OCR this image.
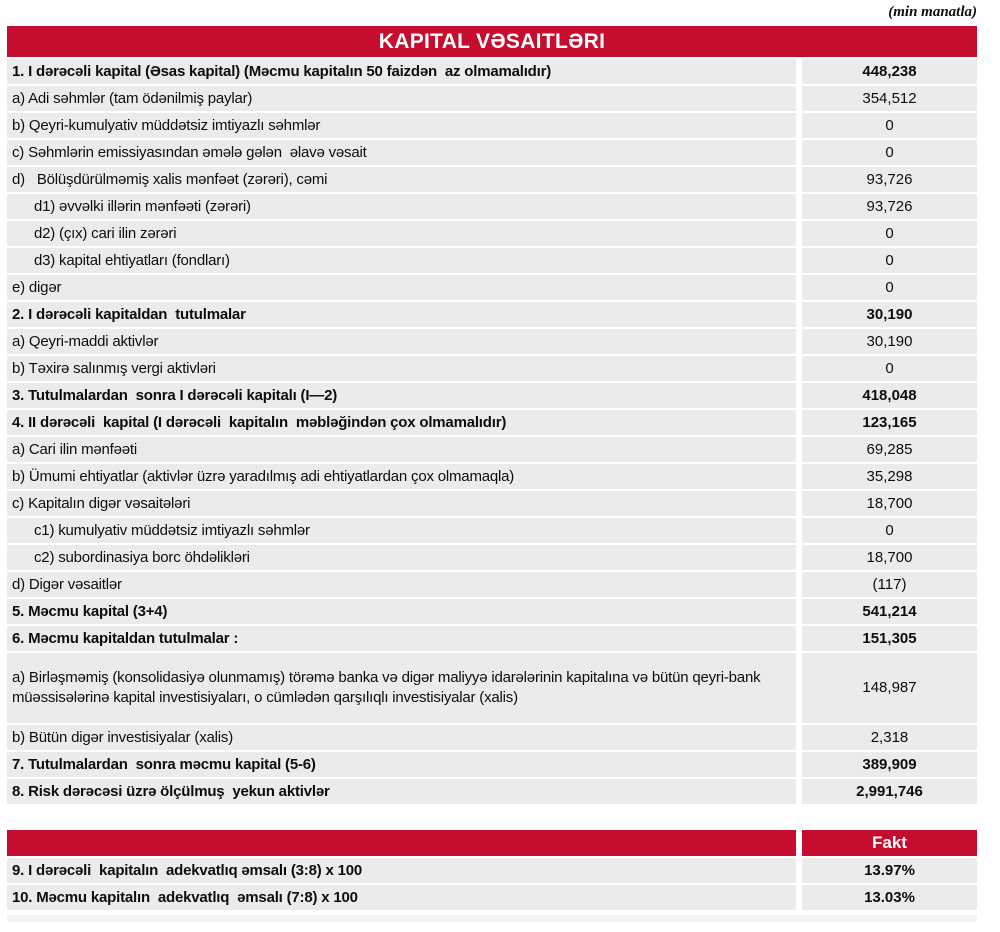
(min manatla)
KAPITAL VƏSAITLƏRI	
1. I dərəcəli kapital (Əsas kapital) (Məcmu kapitalın 50 faizdən  az olmamalıdır)	448,238
a) Adi səhmlər (tam ödənilmiş paylar)	354,512
b) Qeyri-kumulyativ müddətsiz imtiyazlı səhmlər	0
c) Səhmlərin emissiyasından əmələ gələn  əlavə vəsait	0
d)   Bölüşdürülməmiş xalis mənfəət (zərəri), cəmi	93,726
d1) əvvəlki illərin mənfəəti (zərəri)	93,726
d2) (çıx) cari ilin zərəri	0
d3) kapital ehtiyatları (fondları)	0
e) digər	0
2. I dərəcəli kapitaldan  tutulmalar	30,190
a) Qeyri-maddi aktivlər	30,190
b) Təxirə salınmış vergi aktivləri	0
3. Tutulmalardan  sonra I dərəcəli kapitalı (I—2)	418,048
4. II dərəcəli  kapital (I dərəcəli  kapitalın  məbləğindən çox olmamalıdır)	123,165
a) Cari ilin mənfəəti	69,285
b) Ümumi ehtiyatlar (aktivlər üzrə yaradılmış adi ehtiyatlardan çox olmamaqla)	35,298
c) Kapitalın digər vəsaitələri	18,700
c1) kumulyativ müddətsiz imtiyazlı səhmlər	0
c2) subordinasiya borc öhdəlikləri	18,700
d) Digər vəsaitlər	(117)
5. Məcmu kapital (3+4)	541,214
6. Məcmu kapitaldan tutulmalar :	151,305
a) Birləşməmiş (konsolidasiyə olunmamış) törəmə banka və digər maliyyə idarələrinin kapitalına və bütün qeyri-bank müəssisələrinə kapital investisiyaları, o cümlədən qarşılıqlı investisiyalar (xalis)	148,987
b) Bütün digər investisiyalar (xalis)	2,318
7. Tutulmalardan  sonra məcmu kapital (5-6)	389,909
8. Risk dərəcəsi üzrə ölçülmuş  yekun aktivlər	2,991,746
	Fakt
9. I dərəcəli  kapitalın  adekvatlıq əmsalı (3:8) x 100	13.97%
10. Məcmu kapitalın  adekvatlıq  əmsalı (7:8) x 100	13.03%
